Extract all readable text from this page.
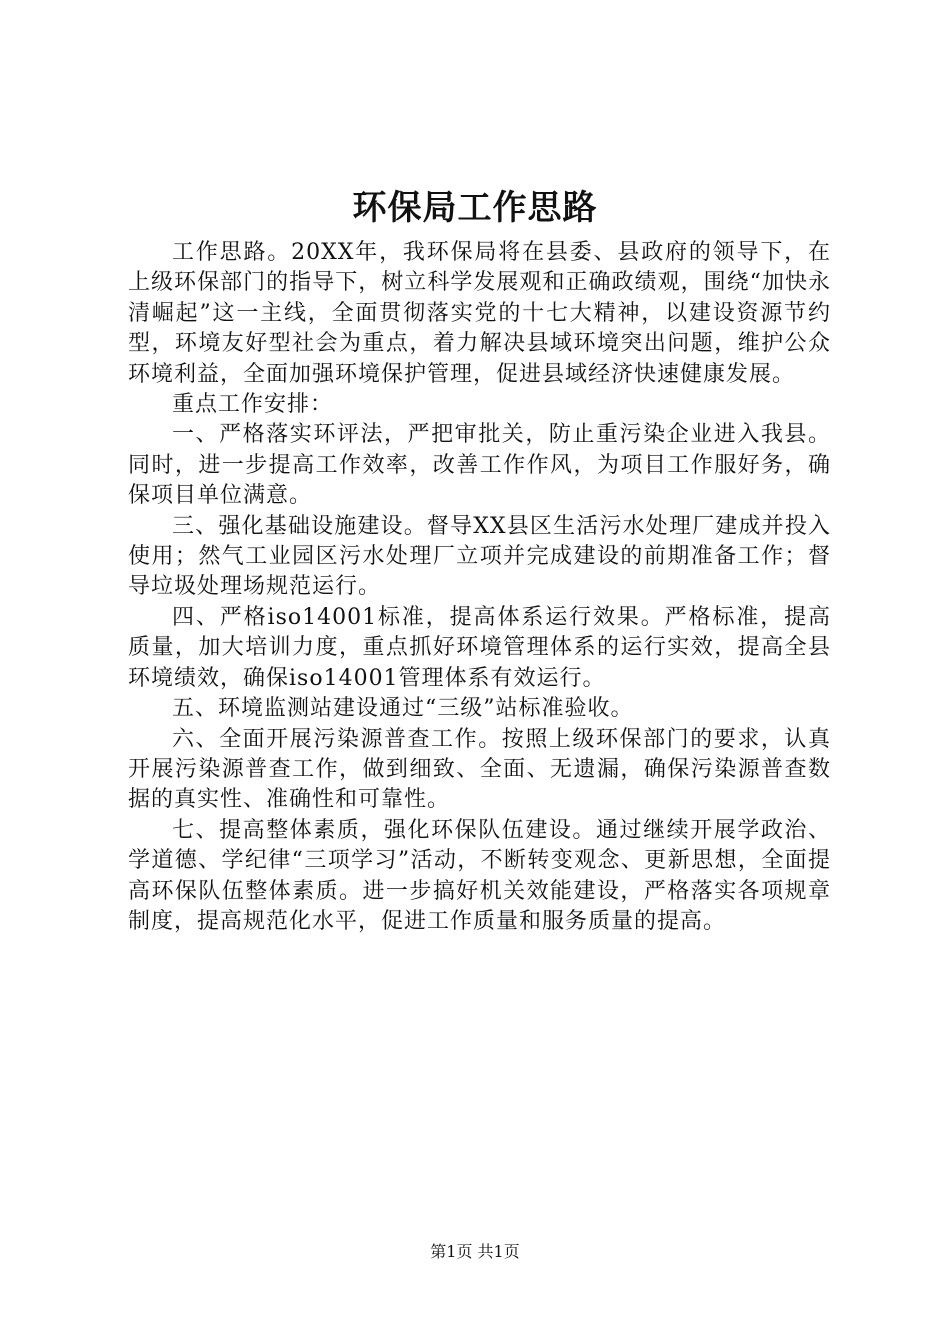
环保局工作思路

工作思路。20XX年，我环保局将在县委、县政府的领导下，在上级环保部门的指导下，树立科学发展观和正确政绩观，围绕“加快永清崛起”这一主线，全面贯彻落实党的十七大精神，以建设资源节约型，环境友好型社会为重点，着力解决县域环境突出问题，维护公众环境利益，全面加强环境保护管理，促进县域经济快速健康发展。

重点工作安排：

一、严格落实环评法，严把审批关，防止重污染企业进入我县。同时，进一步提高工作效率，改善工作作风，为项目工作服好务，确保项目单位满意。

三、强化基础设施建设。督导XX县区生活污水处理厂建成并投入使用；然气工业园区污水处理厂立项并完成建设的前期准备工作；督导垃圾处理场规范运行。

四、严格iso14001标准，提高体系运行效果。严格标准，提高质量，加大培训力度，重点抓好环境管理体系的运行实效，提高全县环境绩效，确保iso14001管理体系有效运行。

五、环境监测站建设通过“三级”站标准验收。

六、全面开展污染源普查工作。按照上级环保部门的要求，认真开展污染源普查工作，做到细致、全面、无遗漏，确保污染源普查数据的真实性、准确性和可靠性。

七、提高整体素质，强化环保队伍建设。通过继续开展学政治、学道德、学纪律“三项学习”活动，不断转变观念、更新思想，全面提高环保队伍整体素质。进一步搞好机关效能建设，严格落实各项规章制度，提高规范化水平，促进工作质量和服务质量的提高。

第1页 共1页
